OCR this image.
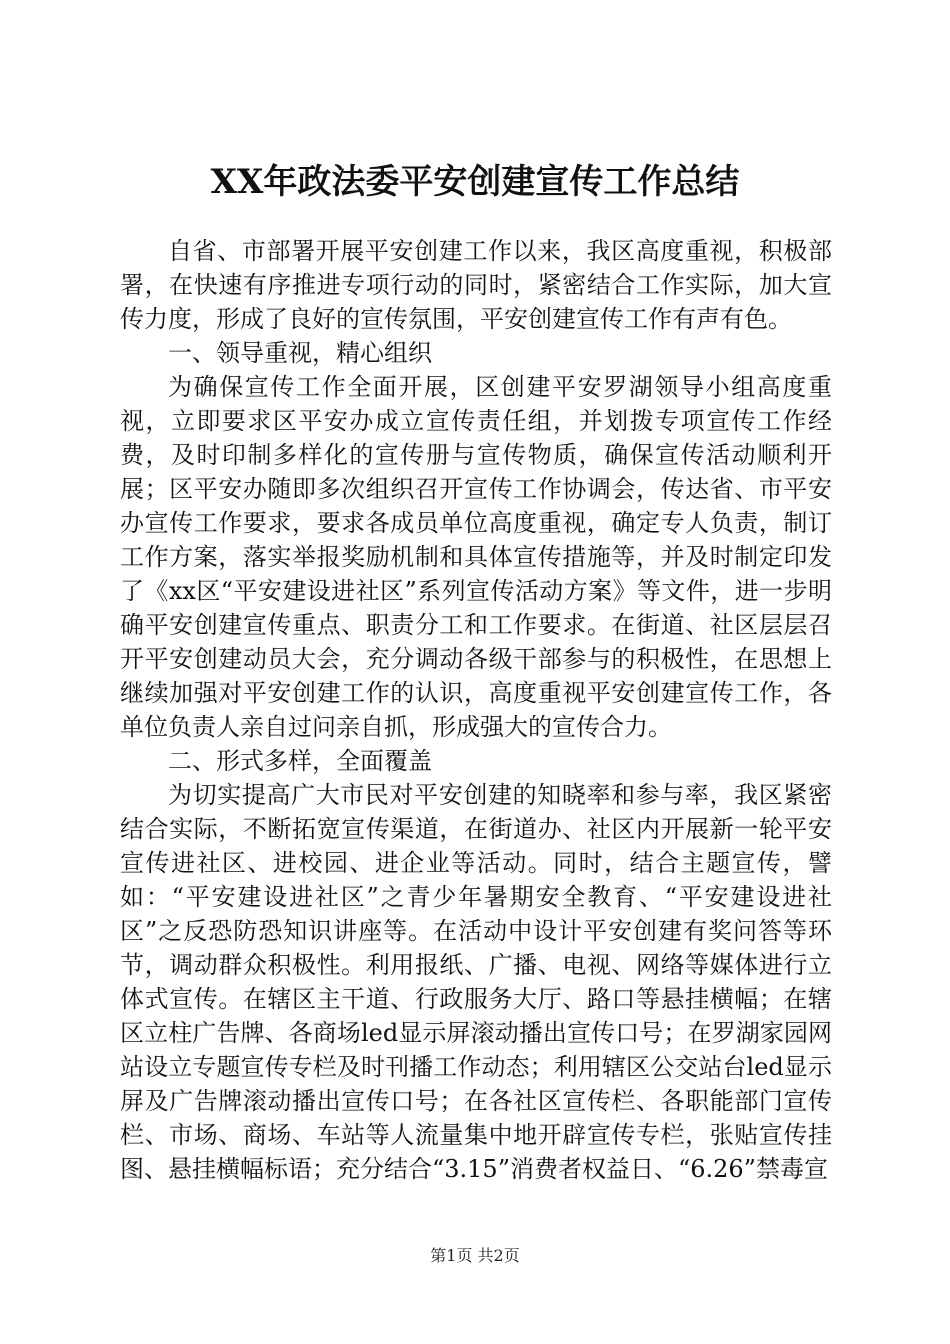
XX年政法委平安创建宣传工作总结

自省、市部署开展平安创建工作以来，我区高度重视，积极部署，在快速有序推进专项行动的同时，紧密结合工作实际，加大宣传力度，形成了良好的宣传氛围，平安创建宣传工作有声有色。

一、领导重视，精心组织

为确保宣传工作全面开展，区创建平安罗湖领导小组高度重视，立即要求区平安办成立宣传责任组，并划拨专项宣传工作经费，及时印制多样化的宣传册与宣传物质，确保宣传活动顺利开展；区平安办随即多次组织召开宣传工作协调会，传达省、市平安办宣传工作要求，要求各成员单位高度重视，确定专人负责，制订工作方案，落实举报奖励机制和具体宣传措施等，并及时制定印发了《xx区“平安建设进社区”系列宣传活动方案》等文件，进一步明确平安创建宣传重点、职责分工和工作要求。在街道、社区层层召开平安创建动员大会，充分调动各级干部参与的积极性，在思想上继续加强对平安创建工作的认识，高度重视平安创建宣传工作，各单位负责人亲自过问亲自抓，形成强大的宣传合力。

二、形式多样，全面覆盖

为切实提高广大市民对平安创建的知晓率和参与率，我区紧密结合实际，不断拓宽宣传渠道，在街道办、社区内开展新一轮平安宣传进社区、进校园、进企业等活动。同时，结合主题宣传，譬如：“平安建设进社区”之青少年暑期安全教育、“平安建设进社区”之反恐防恐知识讲座等。在活动中设计平安创建有奖问答等环节，调动群众积极性。利用报纸、广播、电视、网络等媒体进行立体式宣传。在辖区主干道、行政服务大厅、路口等悬挂横幅；在辖区立柱广告牌、各商场led显示屏滚动播出宣传口号；在罗湖家园网站设立专题宣传专栏及时刊播工作动态；利用辖区公交站台led显示屏及广告牌滚动播出宣传口号；在各社区宣传栏、各职能部门宣传栏、市场、商场、车站等人流量集中地开辟宣传专栏，张贴宣传挂图、悬挂横幅标语；充分结合“3.15”消费者权益日、“6.26”禁毒宣

第1页 共2页
